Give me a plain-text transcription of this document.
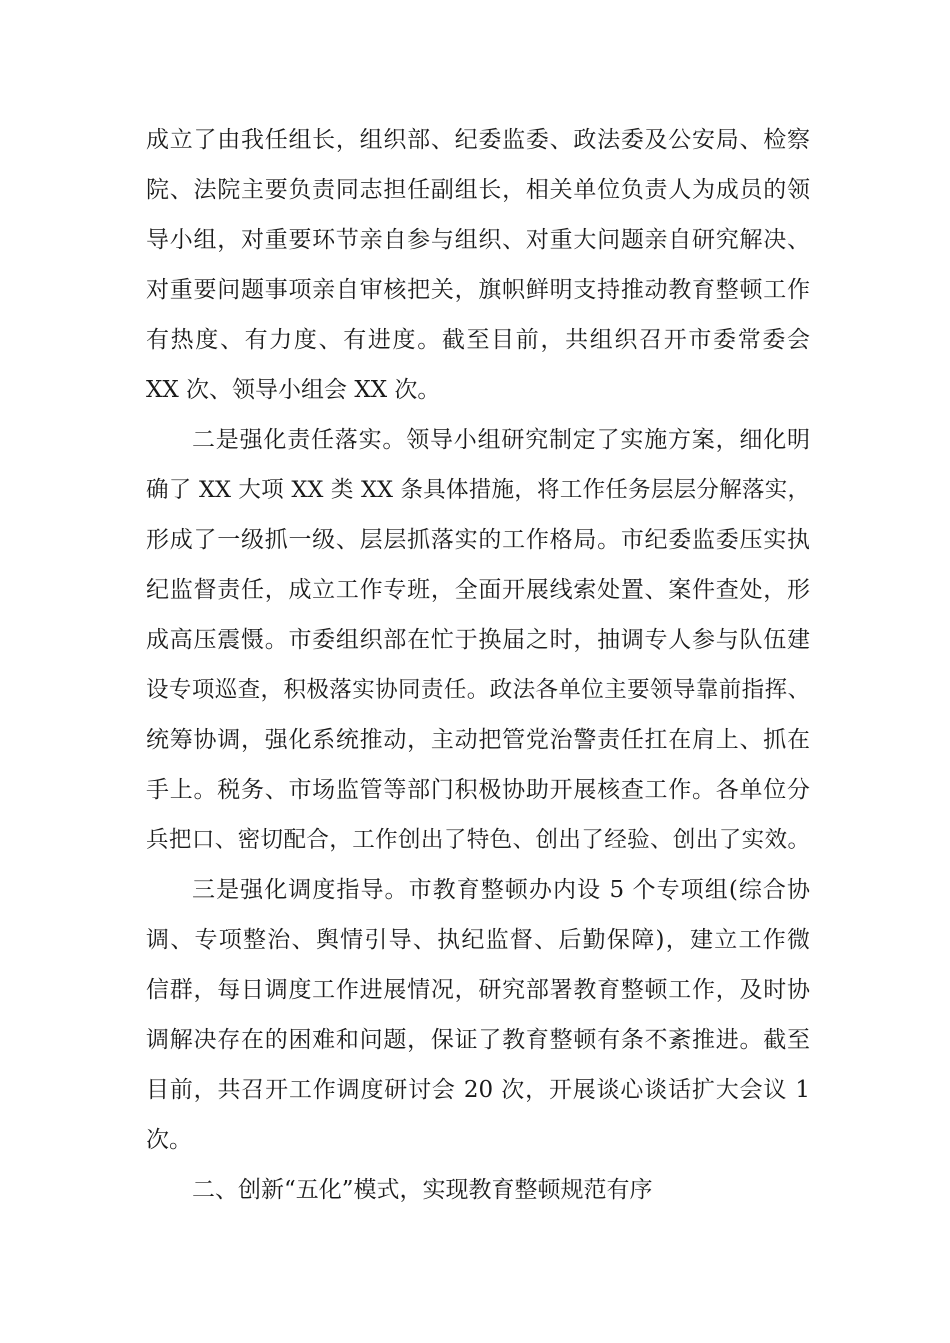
成立了由我任组长，组织部、纪委监委、政法委及公安局、检察
院、法院主要负责同志担任副组长，相关单位负责人为成员的领
导小组，对重要环节亲自参与组织、对重大问题亲自研究解决、
对重要问题事项亲自审核把关，旗帜鲜明支持推动教育整顿工作
有热度、有力度、有进度。截至目前，共组织召开市委常委会
XX 次、领导小组会 XX 次。
二是强化责任落实。领导小组研究制定了实施方案，细化明
确了 XX 大项 XX 类 XX 条具体措施，将工作任务层层分解落实，
形成了一级抓一级、层层抓落实的工作格局。市纪委监委压实执
纪监督责任，成立工作专班，全面开展线索处置、案件查处，形
成高压震慑。市委组织部在忙于换届之时，抽调专人参与队伍建
设专项巡查，积极落实协同责任。政法各单位主要领导靠前指挥、
统筹协调，强化系统推动，主动把管党治警责任扛在肩上、抓在
手上。税务、市场监管等部门积极协助开展核查工作。各单位分
兵把口、密切配合，工作创出了特色、创出了经验、创出了实效。
三是强化调度指导。市教育整顿办内设 5 个专项组(综合协
调、专项整治、舆情引导、执纪监督、后勤保障)，建立工作微
信群，每日调度工作进展情况，研究部署教育整顿工作，及时协
调解决存在的困难和问题，保证了教育整顿有条不紊推进。截至
目前，共召开工作调度研讨会 20 次，开展谈心谈话扩大会议 1
次。
二、创新“五化”模式，实现教育整顿规范有序
